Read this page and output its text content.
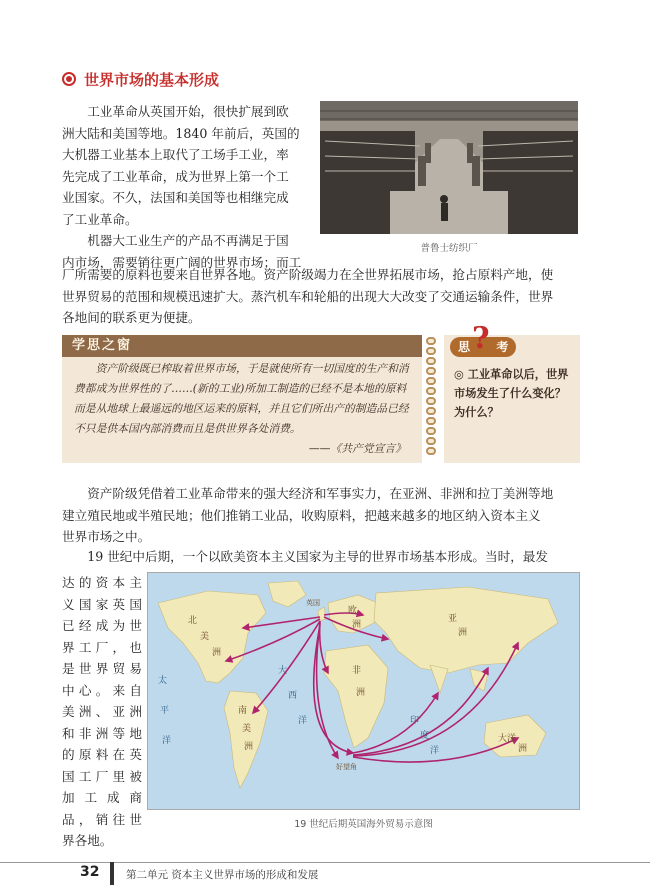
世界市场的基本形成

工业革命从英国开始，很快扩展到欧

洲大陆和美国等地。1840 年前后，英国的

大机器工业基本上取代了工场手工业，率

先完成了工业革命，成为世界上第一个工

业国家。不久，法国和美国等也相继完成

了工业革命。

机器大工业生产的产品不再满足于国

内市场，需要销往更广阔的世界市场；而工

普鲁士纺织厂

厂所需要的原料也要来自世界各地。资产阶级竭力在全世界拓展市场，抢占原料产地，使

世界贸易的范围和规模迅速扩大。蒸汽机车和轮船的出现大大改变了交通运输条件，世界

各地间的联系更为便捷。

学思之窗

资产阶级既已榨取着世界市场，于是就使所有一切国度的生产和消费都成为世界性的了……(新的工业)所加工制造的已经不是本地的原料而是从地球上最遥远的地区运来的原料，并且它们所出产的制造品已经不只是供本国内部消费而且是供世界各处消费。

——《共产党宣言》
思 考
?
◎ 工业革命以后，世界市场发生了什么变化？为什么？

资产阶级凭借着工业革命带来的强大经济和军事实力，在亚洲、非洲和拉丁美洲等地

建立殖民地或半殖民地；他们推销工业品，收购原料，把越来越多的地区纳入资本主义

世界市场之中。

19 世纪中后期，一个以欧美资本主义国家为主导的世界市场基本形成。当时，最发

达的资本主

义国家英国

已经成为世

界工厂，也

是世界贸易

中心。来自

美洲、亚洲

和非洲等地

的原料在英

国工厂里被

加工成商

品，销往世

界各地。

英国
好望角
北
美
洲
南
美
洲
欧
洲
非
洲
亚
洲
大洋
洲
太
平
洋
大
西
洋	印
度
洋
19 世纪后期英国海外贸易示意图
32	第二单元 资本主义世界市场的形成和发展
